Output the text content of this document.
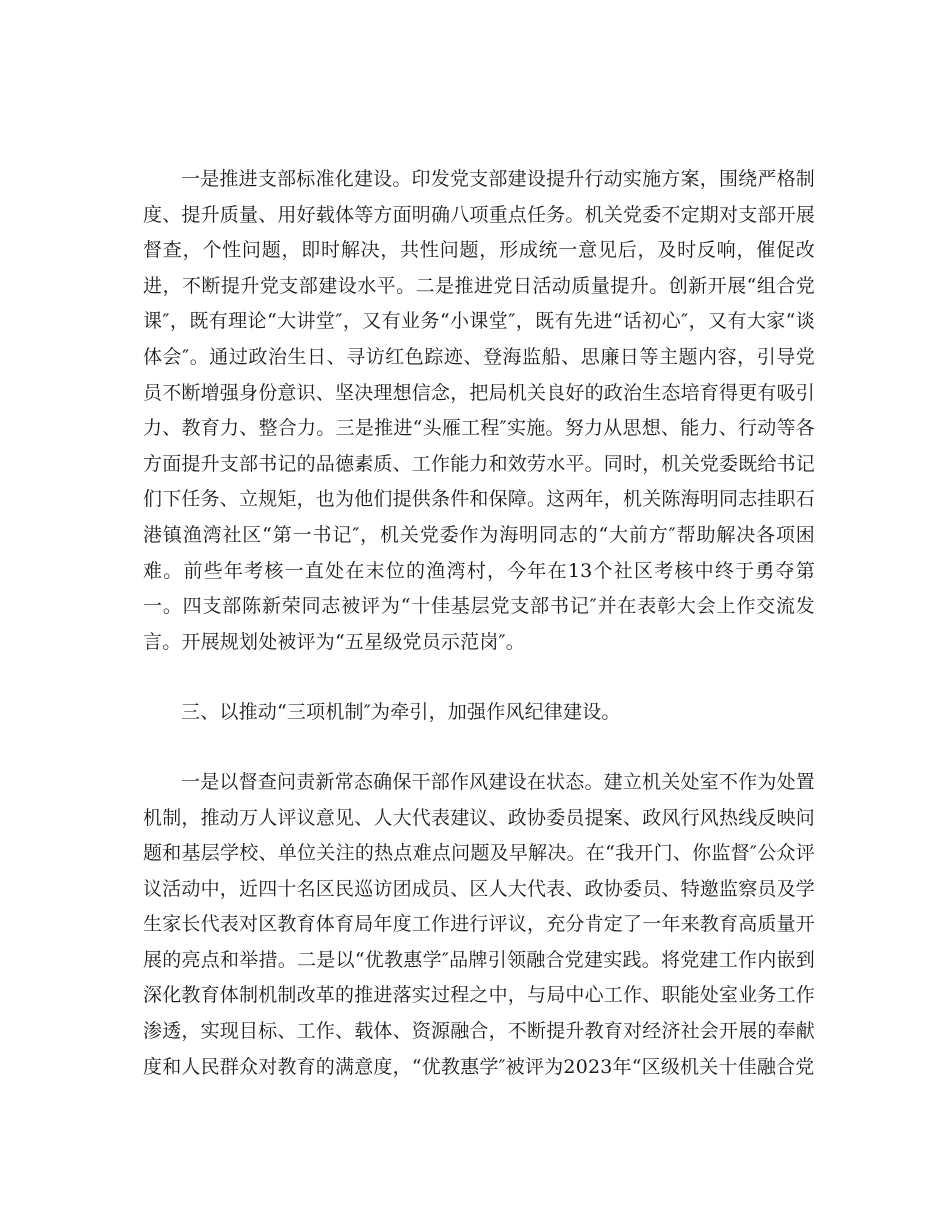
一是推进支部标准化建设。印发党支部建设提升行动实施方案，围绕严格制度、提升质量、用好载体等方面明确八项重点任务。机关党委不定期对支部开展督查，个性问题，即时解决，共性问题，形成统一意见后，及时反响，催促改进，不断提升党支部建设水平。二是推进党日活动质量提升。创新开展“组合党课″，既有理论“大讲堂″，又有业务“小课堂″，既有先进“话初心″，又有大家“谈体会″。通过政治生日、寻访红色踪迹、登海监船、思廉日等主题内容，引导党员不断增强身份意识、坚决理想信念，把局机关良好的政治生态培育得更有吸引力、教育力、整合力。三是推进“头雁工程″实施。努力从思想、能力、行动等各方面提升支部书记的品德素质、工作能力和效劳水平。同时，机关党委既给书记们下任务、立规矩，也为他们提供条件和保障。这两年，机关陈海明同志挂职石港镇渔湾社区“第一书记″，机关党委作为海明同志的“大前方″帮助解决各项困难。前些年考核一直处在末位的渔湾村，今年在13个社区考核中终于勇夺第一。四支部陈新荣同志被评为“十佳基层党支部书记″并在表彰大会上作交流发言。开展规划处被评为“五星级党员示范岗″。

三、以推动“三项机制″为牵引，加强作风纪律建设。

一是以督查问责新常态确保干部作风建设在状态。建立机关处室不作为处置机制，推动万人评议意见、人大代表建议、政协委员提案、政风行风热线反映问题和基层学校、单位关注的热点难点问题及早解决。在“我开门、你监督″公众评议活动中，近四十名区民巡访团成员、区人大代表、政协委员、特邀监察员及学生家长代表对区教育体育局年度工作进行评议，充分肯定了一年来教育高质量开展的亮点和举措。二是以“优教惠学″品牌引领融合党建实践。将党建工作内嵌到深化教育体制机制改革的推进落实过程之中，与局中心工作、职能处室业务工作渗透，实现目标、工作、载体、资源融合，不断提升教育对经济社会开展的奉献度和人民群众对教育的满意度，“优教惠学″被评为2023年“区级机关十佳融合党
